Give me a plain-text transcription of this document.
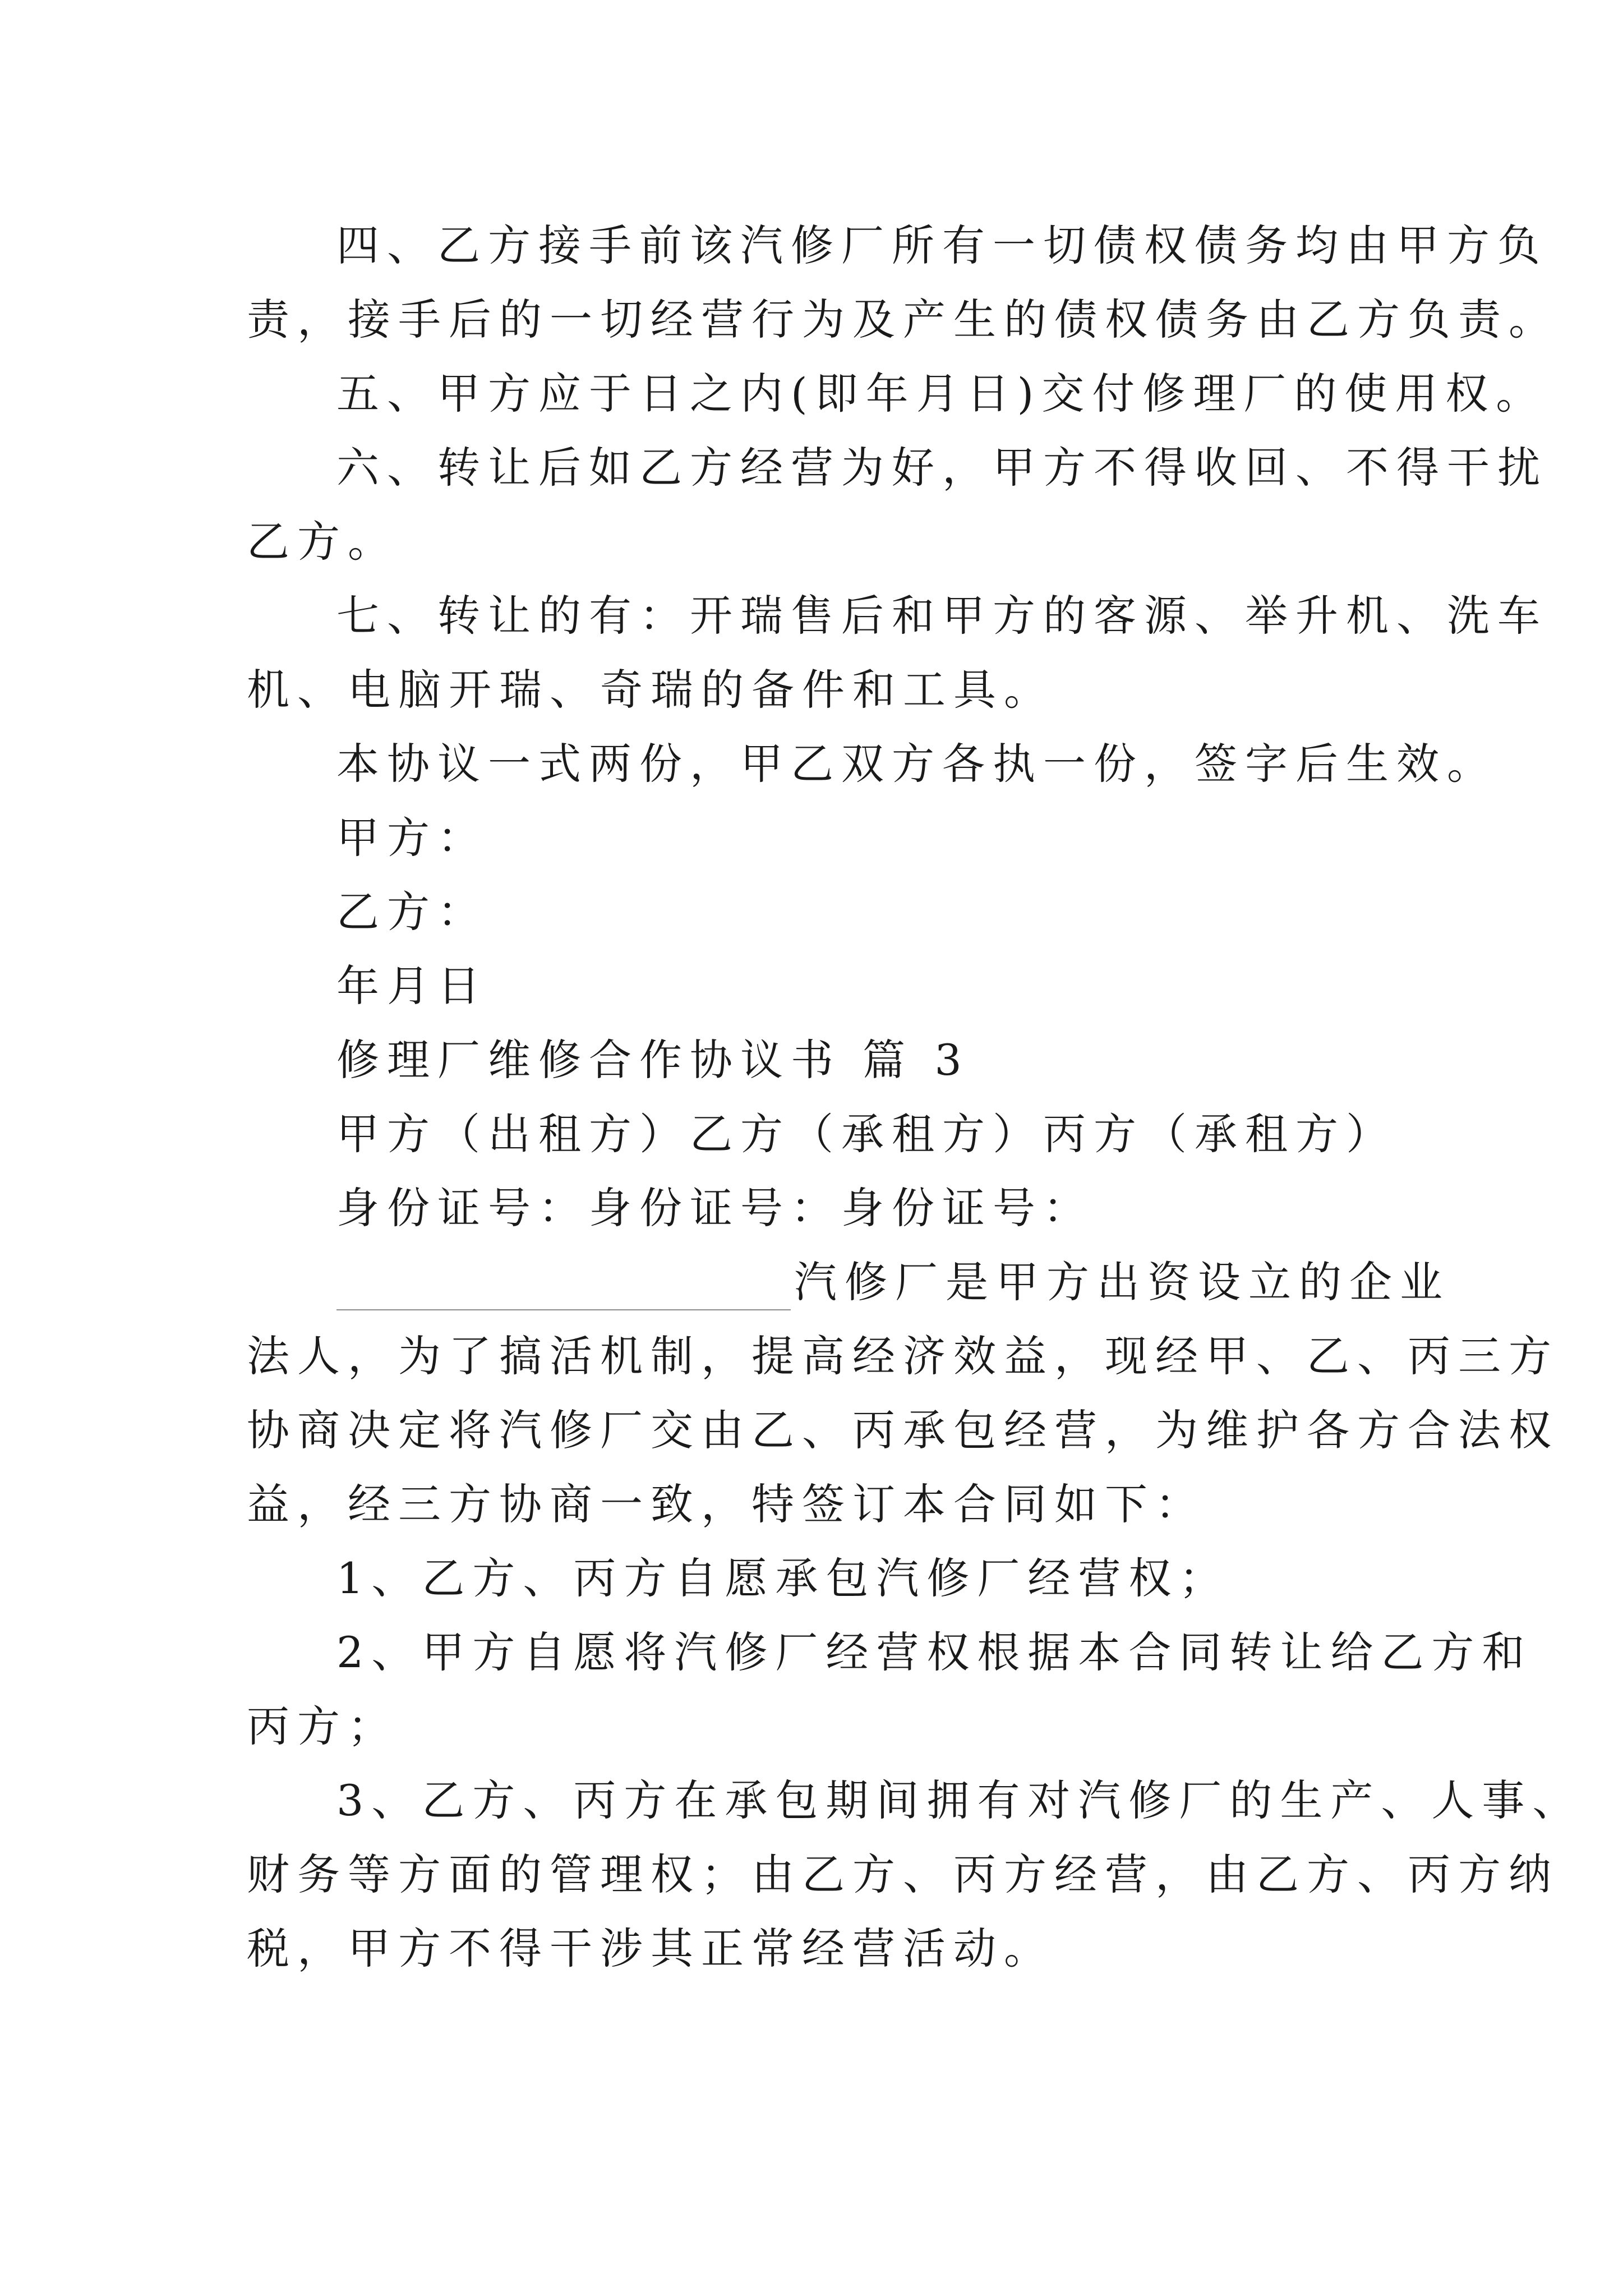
四、乙方接手前该汽修厂所有一切债权债务均由甲方负
责，接手后的一切经营行为及产生的债权债务由乙方负责。
五、甲方应于日之内(即年月日)交付修理厂的使用权。
六、转让后如乙方经营为好，甲方不得收回、不得干扰
乙方。
七、转让的有：开瑞售后和甲方的客源、举升机、洗车
机、电脑开瑞、奇瑞的备件和工具。
本协议一式两份，甲乙双方各执一份，签字后生效。
甲方：
乙方：
年月日
修理厂维修合作协议书 篇 3
甲方（出租方）乙方（承租方）丙方（承租方）
身份证号：身份证号：身份证号：
汽修厂是甲方出资设立的企业
法人，为了搞活机制，提高经济效益，现经甲、乙、丙三方
协商决定将汽修厂交由乙、丙承包经营，为维护各方合法权
益，经三方协商一致，特签订本合同如下：
1、乙方、丙方自愿承包汽修厂经营权；
2、甲方自愿将汽修厂经营权根据本合同转让给乙方和
丙方；
3、乙方、丙方在承包期间拥有对汽修厂的生产、人事、
财务等方面的管理权；由乙方、丙方经营，由乙方、丙方纳
税，甲方不得干涉其正常经营活动。
